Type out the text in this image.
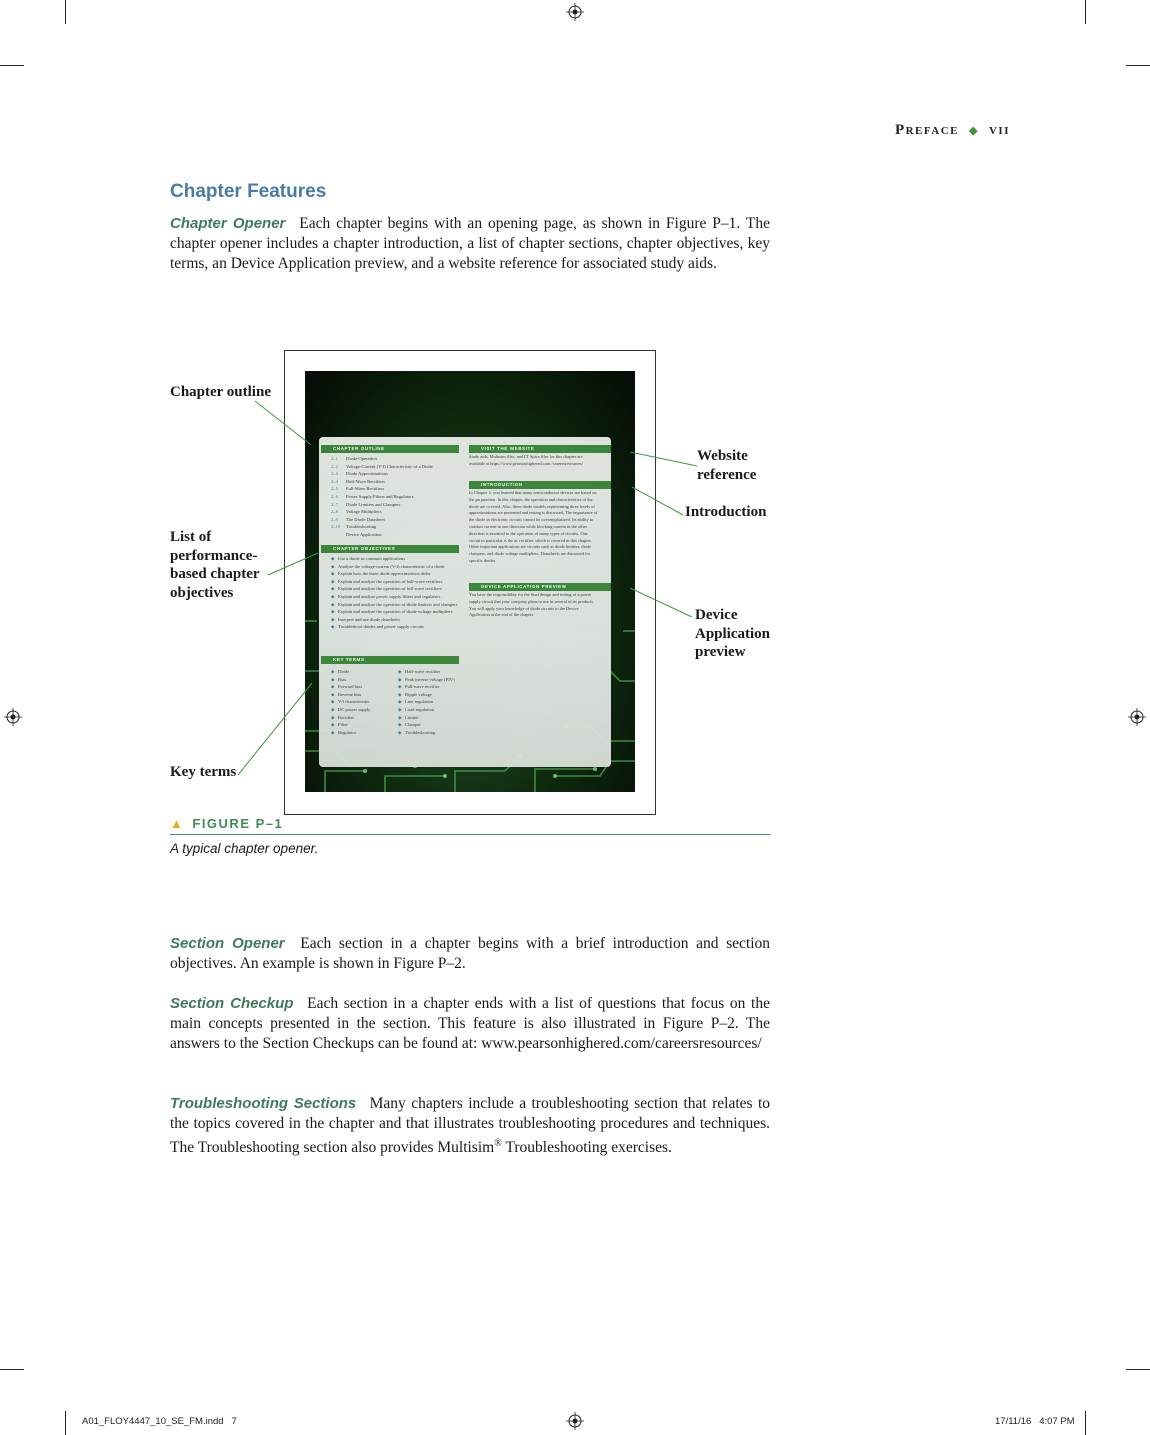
Preface ◆ vii
Chapter Features
Chapter Opener Each chapter begins with an opening page, as shown in Figure P–1. The chapter opener includes a chapter introduction, a list of chapter sections, chapter objectives, key terms, an Device Application preview, and a website reference for associated study aids.
CHAPTER OUTLINE
2–1 Diode Operation
2–2 Voltage-Current (V-I) Characteristic of a Diode
2–3 Diode Approximations
2–4 Half-Wave Rectifiers
2–5 Full-Wave Rectifiers
2–6 Power Supply Filters and Regulators
2–7 Diode Limiters and Clampers
2–8 Voltage Multipliers
2–9 The Diode Datasheet
2–10 Troubleshooting
Device Application
CHAPTER OBJECTIVES
◆ Use a diode in common applications
◆ Analyze the voltage-current (V-I) characteristic of a diode
◆ Explain how the three diode approximations differ
◆ Explain and analyze the operation of half-wave rectifiers
◆ Explain and analyze the operation of full-wave rectifiers
◆ Explain and analyze power supply filters and regulators
◆ Explain and analyze the operation of diode limiters and clampers
◆ Explain and analyze the operation of diode voltage multipliers
◆ Interpret and use diode datasheets
◆ Troubleshoot diodes and power supply circuits
KEY TERMS
◆ Diode
◆ Bias
◆ Forward bias
◆ Reverse bias
◆ V-I characteristic
◆ DC power supply
◆ Rectifier
◆ Filter
◆ Regulator
◆ Half-wave rectifier
◆ Peak inverse voltage (PIV)
◆ Full-wave rectifier
◆ Ripple voltage
◆ Line regulation
◆ Load regulation
◆ Limiter
◆ Clamper
◆ Troubleshooting
VISIT THE WEBSITE
Study aids, Multisim files, and LT Spice files for this chapter are available at https://www.pearsonhighered.com /careersresources/
INTRODUCTION
In Chapter 1, you learned that many semiconductor devices are based on the pn junction. In this chapter, the operation and characteristics of the diode are covered. Also, three diode models representing three levels of approximations are presented and testing is discussed. The importance of the diode in electronic circuits cannot be overemphasized. Its ability to conduct current in one direction while blocking current in the other direction is essential to the operation of many types of circuits. One circuit in particular is the ac rectifier, which is covered in this chapter. Other important applications are circuits such as diode limiters, diode clampers, and diode voltage multipliers. Datasheets are discussed for specific diodes.
DEVICE APPLICATION PREVIEW
You have the responsibility for the final design and testing of a power supply circuit that your company plans to use in several of its products. You will apply your knowledge of diode circuits to the Device Application at the end of the chapter.
Chapter outline
List of
performance-
based chapter
objectives
Key terms
Website
reference
Introduction
Device
Application
preview
▲ FIGURE P–1
A typical chapter opener.
Section Opener Each section in a chapter begins with a brief introduction and section objectives. An example is shown in Figure P–2.
Section Checkup Each section in a chapter ends with a list of questions that focus on the main concepts presented in the section. This feature is also illustrated in Figure P–2. The answers to the Section Checkups can be found at: www.pearsonhighered.com/careersresources/
Troubleshooting Sections Many chapters include a troubleshooting section that relates to the topics covered in the chapter and that illustrates troubleshooting procedures and techniques. The Troubleshooting section also provides Multisim® Troubleshooting exercises.
A01_FLOY4447_10_SE_FM.indd   7	17/11/16   4:07 PM
